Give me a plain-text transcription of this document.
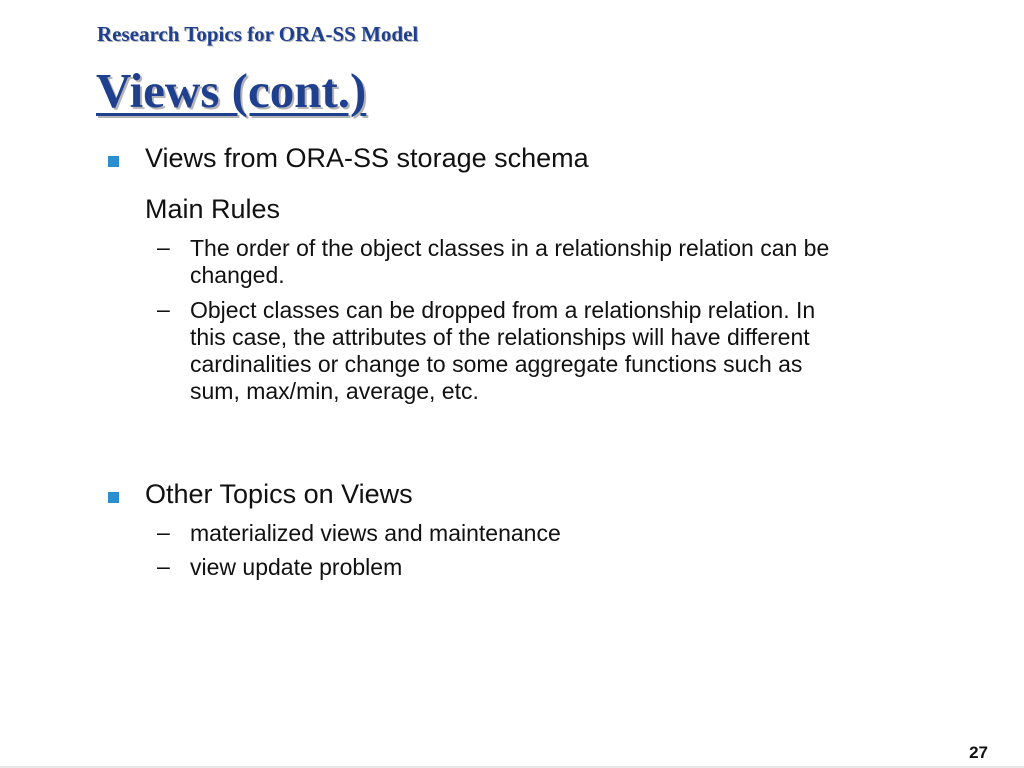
Research Topics for ORA-SS Model
Views (cont.)
Views from ORA-SS storage schema
Main Rules
– The order of the object classes in a relationship relation can be
changed.
– Object classes can be dropped from a relationship relation. In
this case, the attributes of the relationships will have different
cardinalities or change to some aggregate functions such as
sum, max/min, average, etc.
Other Topics on Views
– materialized views and maintenance
– view update problem
27
